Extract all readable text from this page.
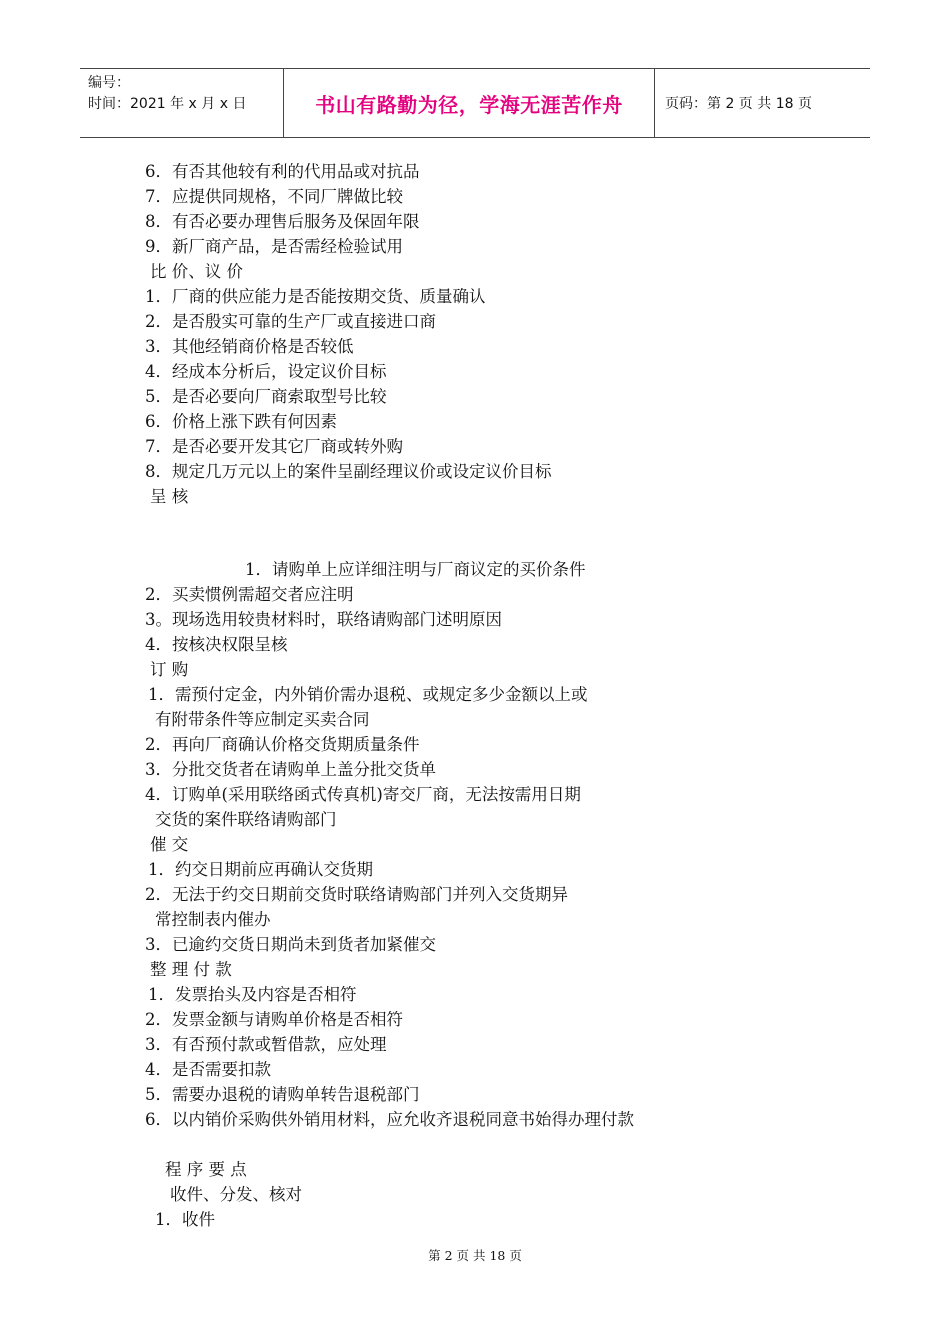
编号：
时间：2021 年 x 月 x 日	书山有路勤为径，学海无涯苦作舟	页码：第 2 页 共 18 页
6．有否其他较有利的代用品或对抗品
7．应提供同规格，不同厂牌做比较
8．有否必要办理售后服务及保固年限
9．新厂商产品，是否需经检验试用
比 价、议 价
1．厂商的供应能力是否能按期交货、质量确认
2．是否殷实可靠的生产厂或直接进口商
3．其他经销商价格是否较低
4．经成本分析后，设定议价目标
5．是否必要向厂商索取型号比较
6．价格上涨下跌有何因素
7．是否必要开发其它厂商或转外购
8．规定几万元以上的案件呈副经理议价或设定议价目标
呈 核
1．请购单上应详细注明与厂商议定的买价条件
2．买卖惯例需超交者应注明
3。现场选用较贵材料时，联络请购部门述明原因
4．按核决权限呈核
订 购
1．需预付定金，内外销价需办退税、或规定多少金额以上或
有附带条件等应制定买卖合同
2．再向厂商确认价格交货期质量条件
3．分批交货者在请购单上盖分批交货单
4．订购单(采用联络函式传真机)寄交厂商，无法按需用日期
交货的案件联络请购部门
催 交
1．约交日期前应再确认交货期
2．无法于约交日期前交货时联络请购部门并列入交货期异
常控制表内催办
3．已逾约交货日期尚未到货者加紧催交
整 理 付 款
1．发票抬头及内容是否相符
2．发票金额与请购单价格是否相符
3．有否预付款或暂借款，应处理
4．是否需要扣款
5．需要办退税的请购单转告退税部门
6．以内销价采购供外销用材料，应允收齐退税同意书始得办理付款
程 序 要 点
收件、分发、核对
1．收件
第 2 页 共 18 页
